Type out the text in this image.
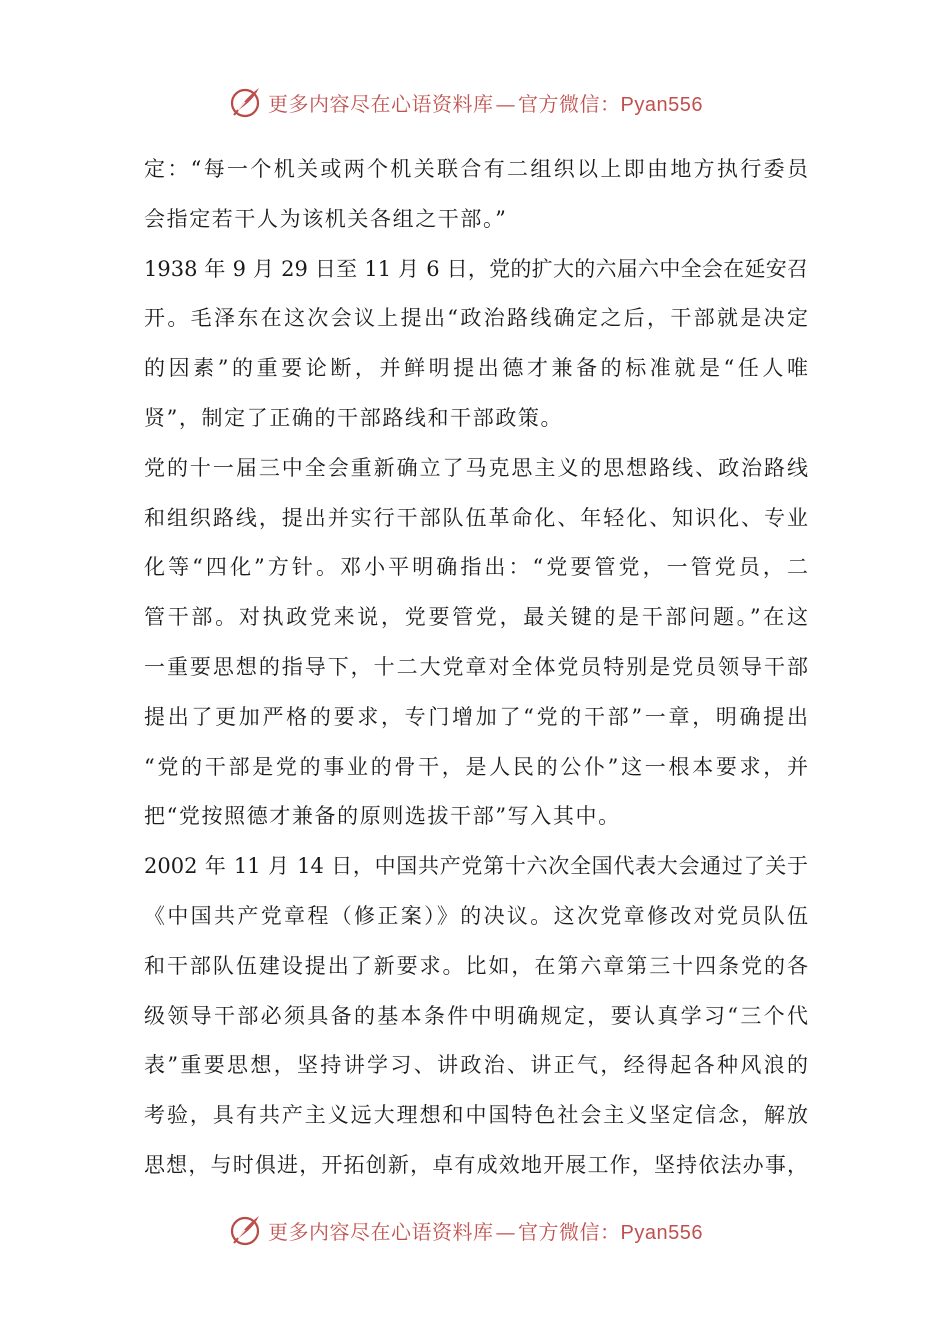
更多内容尽在心语资料库 — 官方微信：Pyan556
定：“每一个机关或两个机关联合有二组织以上即由地方执行委员
会指定若干人为该机关各组之干部。”
1938 年 9 月 29 日至 11 月 6 日，党的扩大的六届六中全会在延安召
开。毛泽东在这次会议上提出“政治路线确定之后，干部就是决定
的因素”的重要论断，并鲜明提出德才兼备的标准就是“任人唯
贤”，制定了正确的干部路线和干部政策。
党的十一届三中全会重新确立了马克思主义的思想路线、政治路线
和组织路线，提出并实行干部队伍革命化、年轻化、知识化、专业
化等“四化”方针。邓小平明确指出：“党要管党，一管党员，二
管干部。对执政党来说，党要管党，最关键的是干部问题。”在这
一重要思想的指导下，十二大党章对全体党员特别是党员领导干部
提出了更加严格的要求，专门增加了“党的干部”一章，明确提出
“党的干部是党的事业的骨干，是人民的公仆”这一根本要求，并
把“党按照德才兼备的原则选拔干部”写入其中。
2002 年 11 月 14 日，中国共产党第十六次全国代表大会通过了关于
《中国共产党章程（修正案）》的决议。这次党章修改对党员队伍
和干部队伍建设提出了新要求。比如，在第六章第三十四条党的各
级领导干部必须具备的基本条件中明确规定，要认真学习“三个代
表”重要思想，坚持讲学习、讲政治、讲正气，经得起各种风浪的
考验，具有共产主义远大理想和中国特色社会主义坚定信念，解放
思想，与时俱进，开拓创新，卓有成效地开展工作，坚持依法办事，
更多内容尽在心语资料库 — 官方微信：Pyan556
